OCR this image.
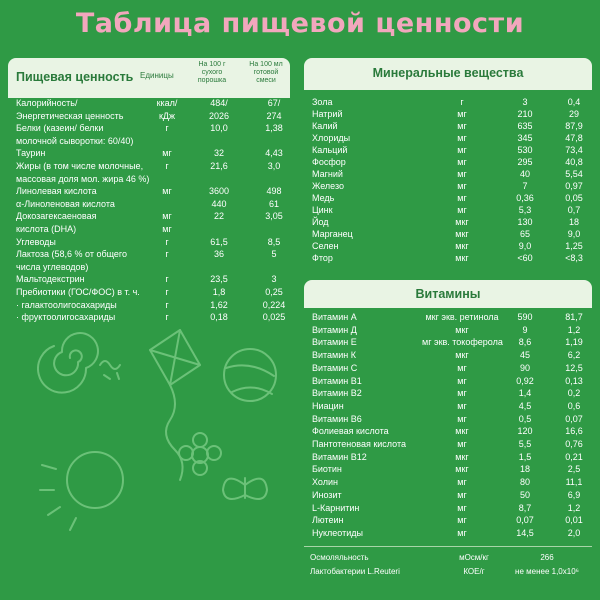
Таблица пищевой ценности
Пищевая ценность Единицы
На 100 г
сухого
порошка
На 100 мл
готовой
смеси
Калорийность/	ккал/	484/	67/
Энергетическая ценность	кДж	2026	274
Белки (казеин/ белки	г	10,0	1,38
молочной сыворотки: 60/40)
Таурин	мг	32	4,43
Жиры (в том числе молочные,	г	21,6	3,0
массовая доля мол. жира 46 %)
Линолевая кислота	мг	3600	498
α-Линоленовая кислота	440	61
Докозагексаеновая	мг	22	3,05
кислота (DHA)	мг
Углеводы	г	61,5	8,5
Лактоза (58,6 % от общего	г	36	5
числа углеводов)
Мальтодекстрин	г	23,5	3
Пребиотики (ГОС/ФОС) в т. ч.	г	1,8	0,25
· галактоолигосахариды	г	1,62	0,224
· фруктоолигосахариды	г	0,18	0,025
Минеральные вещества
Зола	г	3	0,4
Натрий	мг	210	29
Калий	мг	635	87,9
Хлориды	мг	345	47,8
Кальций	мг	530	73,4
Фосфор	мг	295	40,8
Магний	мг	40	5,54
Железо	мг	7	0,97
Медь	мг	0,36	0,05
Цинк	мг	5,3	0,7
Йод	мкг	130	18
Марганец	мкг	65	9,0
Селен	мкг	9,0	1,25
Фтор	мкг	<60	<8,3
Витамины
Витамин А	мкг экв. ретинола	590	81,7
Витамин Д	мкг	9	1,2
Витамин Е	мг экв. токоферола	8,6	1,19
Витамин К	мкг	45	6,2
Витамин С	мг	90	12,5
Витамин В1	мг	0,92	0,13
Витамин В2	мг	1,4	0,2
Ниацин	мг	4,5	0,6
Витамин В6	мг	0,5	0,07
Фолиевая кислота	мкг	120	16,6
Пантотеновая кислота	мг	5,5	0,76
Витамин В12	мкг	1,5	0,21
Биотин	мкг	18	2,5
Холин	мг	80	11,1
Инозит	мг	50	6,9
L-Карнитин	мг	8,7	1,2
Лютеин	мг	0,07	0,01
Нуклеотиды	мг	14,5	2,0
Осмоляльность	мОсм/кг	266
Лактобактерии L.Reuteri	КОЕ/г	не менее 1,0х10⁶
